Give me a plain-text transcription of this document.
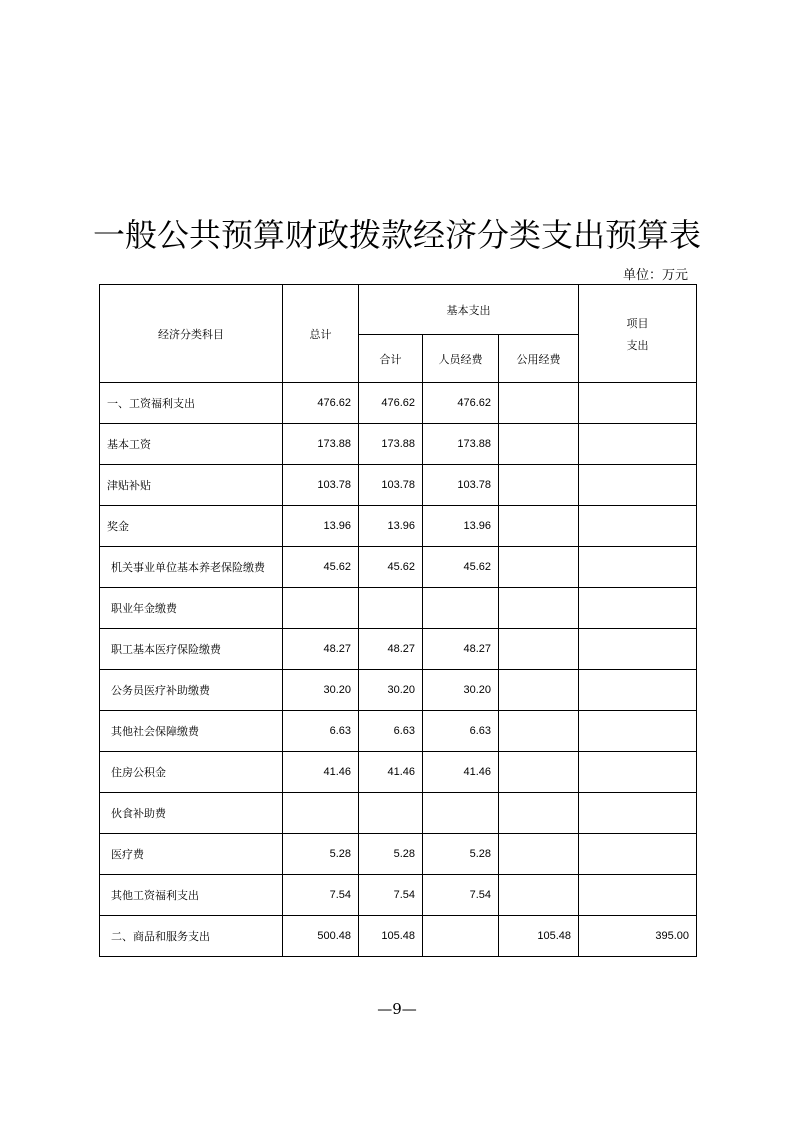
一般公共预算财政拨款经济分类支出预算表
单位：万元
经济分类科目	总计	基本支出			项目
支出

		合计	人员经费	公用经费	
一、工资福利支出	476.62	476.62	476.62		
基本工资	173.88	173.88	173.88		
津贴补贴	103.78	103.78	103.78		
奖金	13.96	13.96	13.96		
机关事业单位基本养老保险缴费	45.62	45.62	45.62		
职业年金缴费					
职工基本医疗保险缴费	48.27	48.27	48.27		
公务员医疗补助缴费	30.20	30.20	30.20		
其他社会保障缴费	6.63	6.63	6.63		
住房公积金	41.46	41.46	41.46		
伙食补助费					
医疗费	5.28	5.28	5.28		
其他工资福利支出	7.54	7.54	7.54		
二、商品和服务支出	500.48	105.48		105.48	395.00
—9—
